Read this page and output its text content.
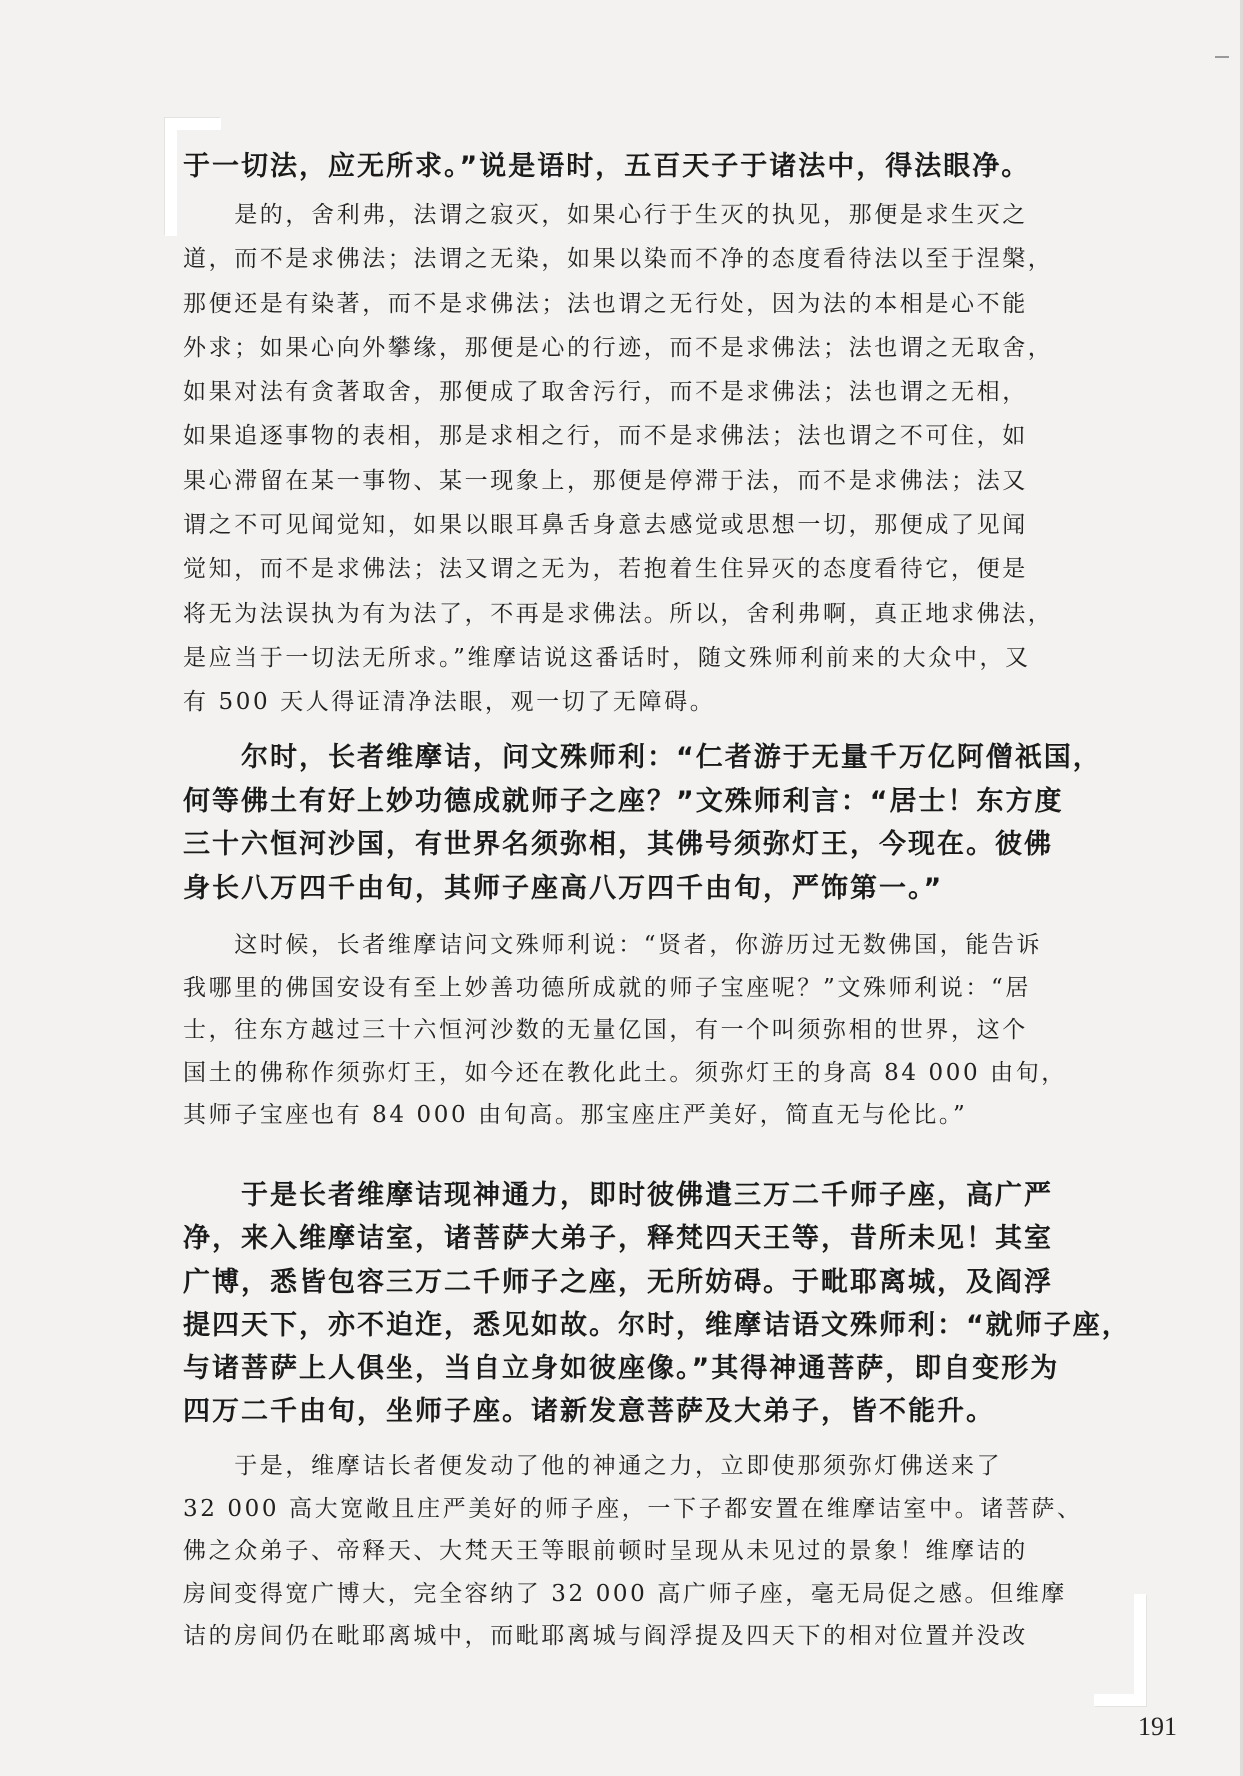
于一切法，应无所求。”说是语时，五百天子于诸法中，得法眼净。
　　是的，舍利弗，法谓之寂灭，如果心行于生灭的执见，那便是求生灭之
道，而不是求佛法；法谓之无染，如果以染而不净的态度看待法以至于涅槃，
那便还是有染著，而不是求佛法；法也谓之无行处，因为法的本相是心不能
外求；如果心向外攀缘，那便是心的行迹，而不是求佛法；法也谓之无取舍，
如果对法有贪著取舍，那便成了取舍污行，而不是求佛法；法也谓之无相，
如果追逐事物的表相，那是求相之行，而不是求佛法；法也谓之不可住，如
果心滞留在某一事物、某一现象上，那便是停滞于法，而不是求佛法；法又
谓之不可见闻觉知，如果以眼耳鼻舌身意去感觉或思想一切，那便成了见闻
觉知，而不是求佛法；法又谓之无为，若抱着生住异灭的态度看待它，便是
将无为法误执为有为法了，不再是求佛法。所以，舍利弗啊，真正地求佛法，
是应当于一切法无所求。”维摩诘说这番话时，随文殊师利前来的大众中，又
有 500 天人得证清净法眼，观一切了无障碍。
　　尔时，长者维摩诘，问文殊师利：“仁者游于无量千万亿阿僧祇国，
何等佛土有好上妙功德成就师子之座？”文殊师利言：“居士！东方度
三十六恒河沙国，有世界名须弥相，其佛号须弥灯王，今现在。彼佛
身长八万四千由旬，其师子座高八万四千由旬，严饰第一。”
　　这时候，长者维摩诘问文殊师利说：“贤者，你游历过无数佛国，能告诉
我哪里的佛国安设有至上妙善功德所成就的师子宝座呢？”文殊师利说：“居
士，往东方越过三十六恒河沙数的无量亿国，有一个叫须弥相的世界，这个
国土的佛称作须弥灯王，如今还在教化此土。须弥灯王的身高 84 000 由旬，
其师子宝座也有 84 000 由旬高。那宝座庄严美好，简直无与伦比。”
　　于是长者维摩诘现神通力，即时彼佛遣三万二千师子座，高广严
净，来入维摩诘室，诸菩萨大弟子，释梵四天王等，昔所未见！其室
广博，悉皆包容三万二千师子之座，无所妨碍。于毗耶离城，及阎浮
提四天下，亦不迫迮，悉见如故。尔时，维摩诘语文殊师利：“就师子座，
与诸菩萨上人俱坐，当自立身如彼座像。”其得神通菩萨，即自变形为
四万二千由旬，坐师子座。诸新发意菩萨及大弟子，皆不能升。
　　于是，维摩诘长者便发动了他的神通之力，立即使那须弥灯佛送来了
32 000 高大宽敞且庄严美好的师子座，一下子都安置在维摩诘室中。诸菩萨、
佛之众弟子、帝释天、大梵天王等眼前顿时呈现从未见过的景象！维摩诘的
房间变得宽广博大，完全容纳了 32 000 高广师子座，毫无局促之感。但维摩
诘的房间仍在毗耶离城中，而毗耶离城与阎浮提及四天下的相对位置并没改
191
